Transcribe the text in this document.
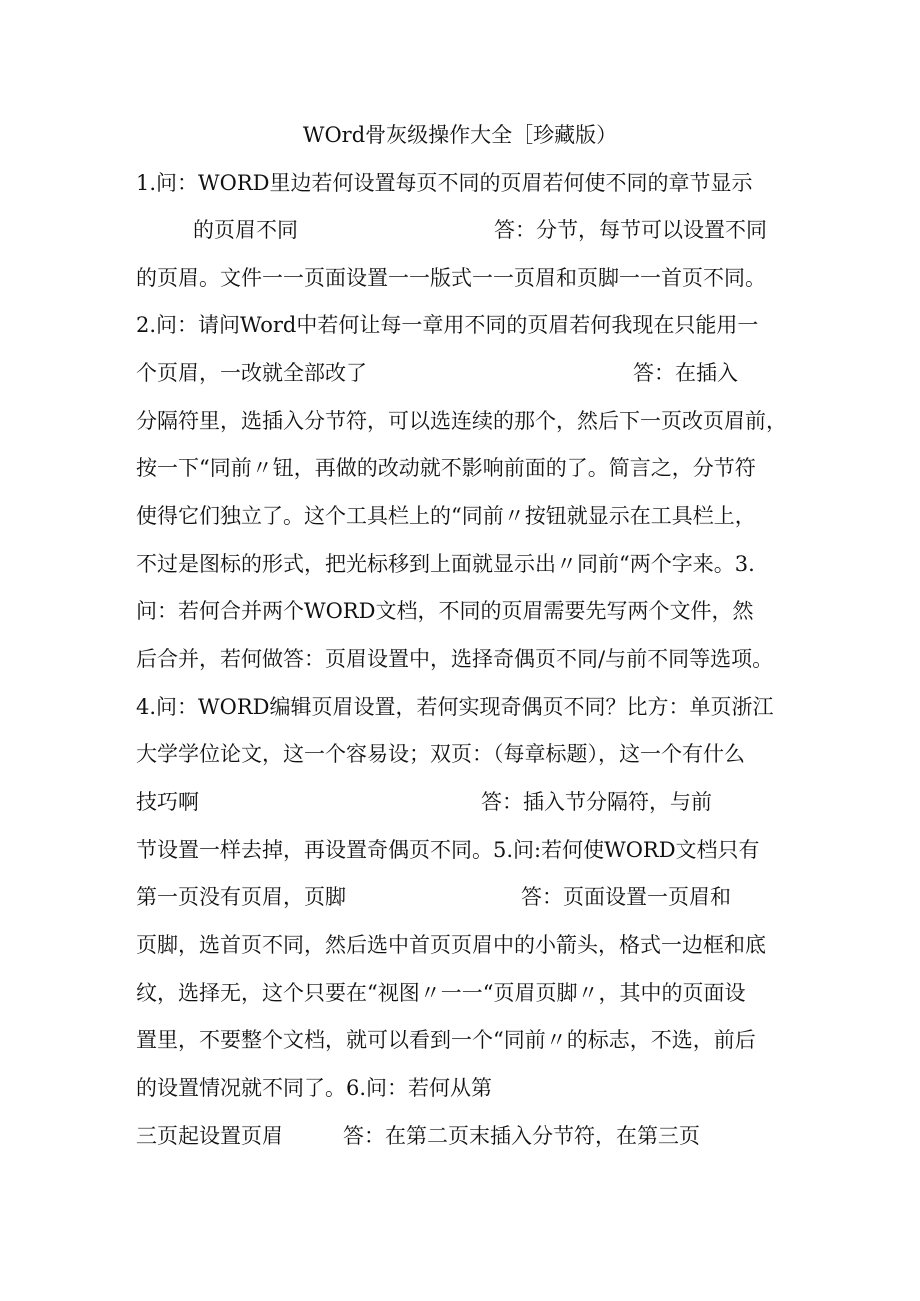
WOrd骨灰级操作大全［珍藏版）
1.问：WORD里边若何设置每页不同的页眉若何使不同的章节显示
的页眉不同	答：分节，每节可以设置不同
的页眉。文件一一页面设置一一版式一一页眉和页脚一一首页不同。
2.问：请问Word中若何让每一章用不同的页眉若何我现在只能用一
个页眉，一改就全部改了	答：在插入
分隔符里，选插入分节符，可以选连续的那个，然后下一页改页眉前，
按一下“同前〃钮，再做的改动就不影响前面的了。简言之，分节符
使得它们独立了。这个工具栏上的“同前〃按钮就显示在工具栏上，
不过是图标的形式，把光标移到上面就显示出〃同前“两个字来。3.
问：若何合并两个WORD文档，不同的页眉需要先写两个文件，然
后合并，若何做答：页眉设置中，选择奇偶页不同/与前不同等选项。
4.问：WORD编辑页眉设置，若何实现奇偶页不同？比方：单页浙江
大学学位论文，这一个容易设；双页：（每章标题），这一个有什么
技巧啊	答：插入节分隔符，与前
节设置一样去掉，再设置奇偶页不同。5.问:若何使WORD文档只有
第一页没有页眉，页脚	答：页面设置一页眉和
页脚，选首页不同，然后选中首页页眉中的小箭头，格式一边框和底
纹，选择无，这个只要在“视图〃一一“页眉页脚〃，其中的页面设
置里，不要整个文档，就可以看到一个“同前〃的标志，不选，前后
的设置情况就不同了。6.问：若何从第
三页起设置页眉	答：在第二页末插入分节符，在第三页
